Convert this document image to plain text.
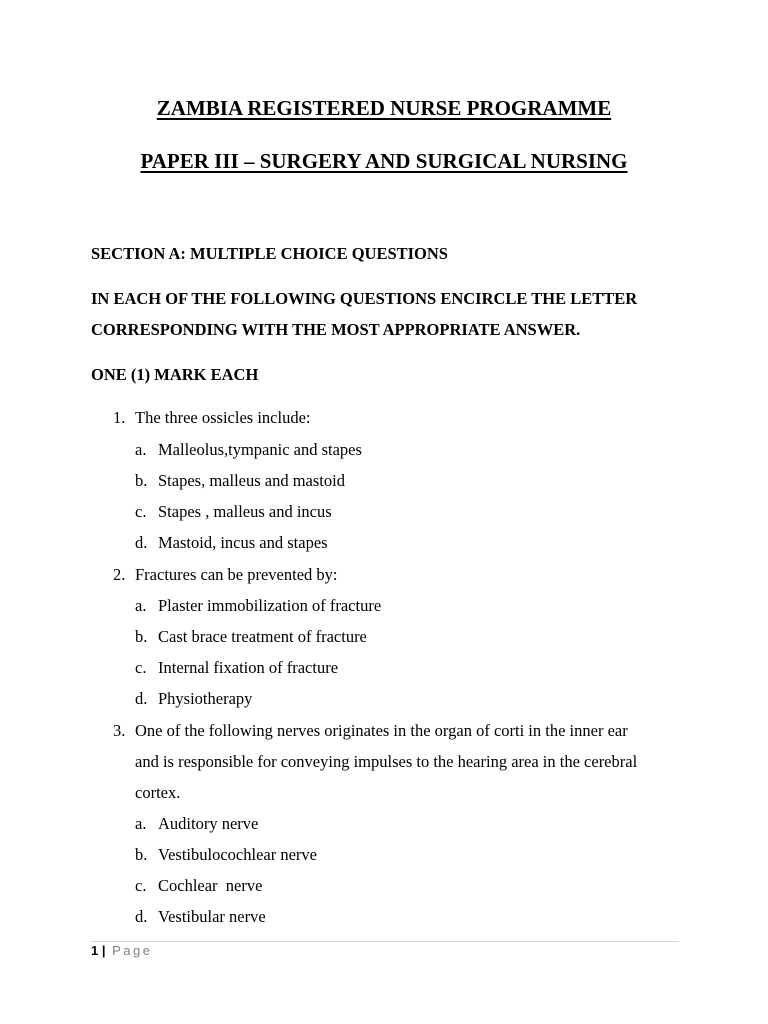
ZAMBIA REGISTERED NURSE PROGRAMME
PAPER III – SURGERY AND SURGICAL NURSING
SECTION A: MULTIPLE CHOICE QUESTIONS
IN EACH OF THE FOLLOWING QUESTIONS ENCIRCLE THE LETTER
CORRESPONDING WITH THE MOST APPROPRIATE ANSWER.
ONE (1) MARK EACH
1. The three ossicles include:
a. Malleolus,tympanic and stapes
b. Stapes, malleus and mastoid
c. Stapes , malleus and incus
d. Mastoid, incus and stapes
2. Fractures can be prevented by:
a. Plaster immobilization of fracture
b. Cast brace treatment of fracture
c. Internal fixation of fracture
d. Physiotherapy
3. One of the following nerves originates in the organ of corti in the inner ear
and is responsible for conveying impulses to the hearing area in the cerebral
cortex.
a. Auditory nerve
b. Vestibulocochlear nerve
c. Cochlear  nerve
d. Vestibular nerve
1 | Page
